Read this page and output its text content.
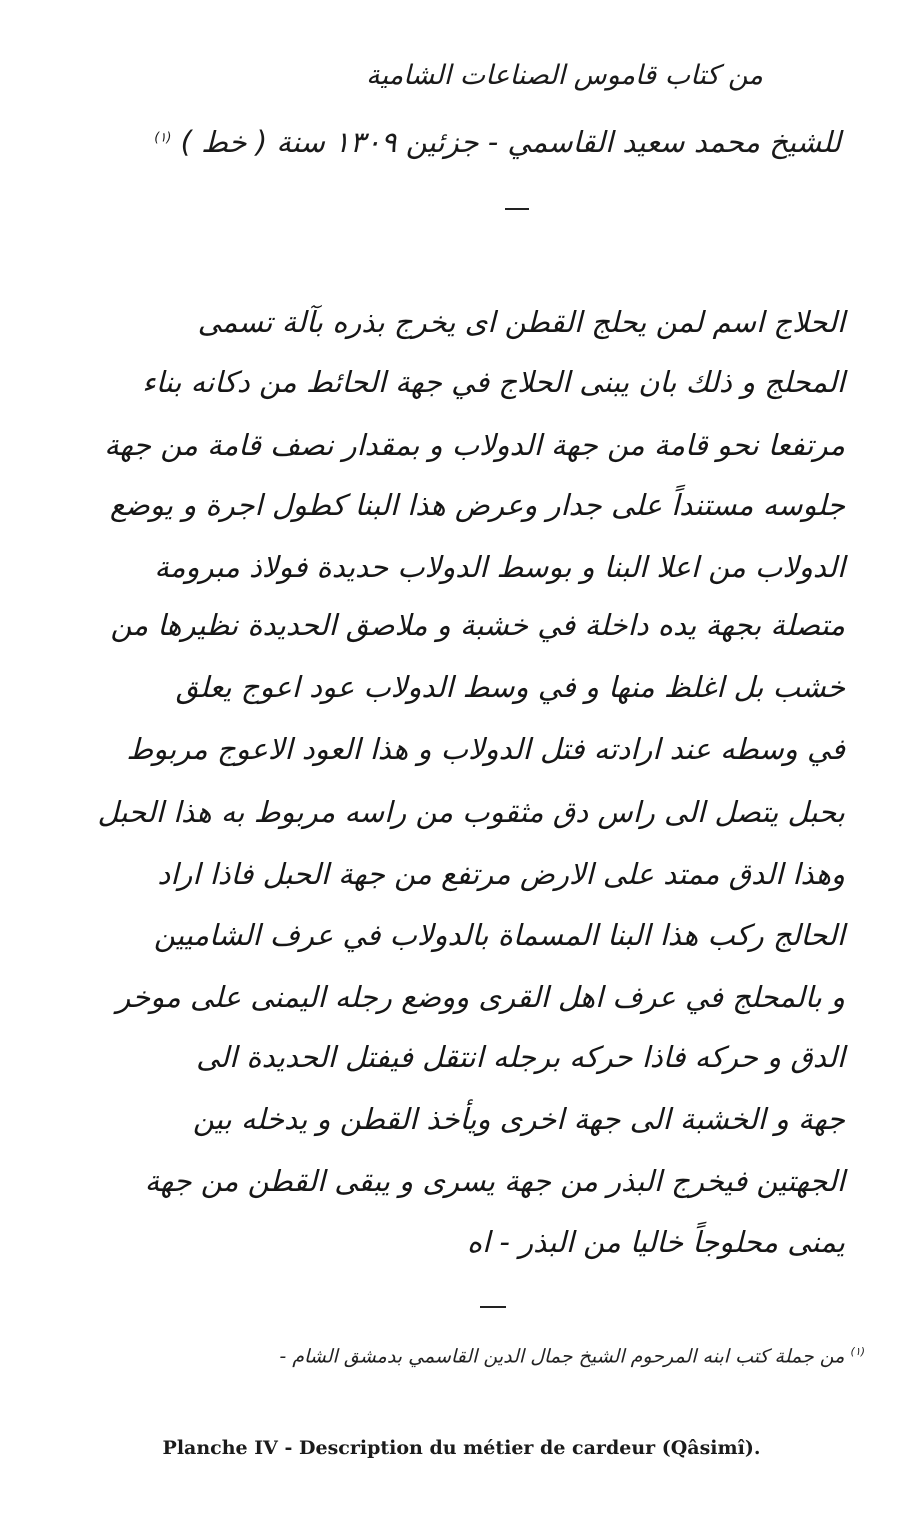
من كتاب قاموس الصناعات الشامية
للشيخ محمد سعيد القاسمي - جزئين ١٣٠٩ سنة ( خط ) $^{(١)}$
الحلاج اسم لمن يحلج القطن اى يخرج بذره بآلة تسمى
المحلج و ذلك بان يبنى الحلاج في جهة الحائط من دكانه بناء
مرتفعا نحو قامة من جهة الدولاب و بمقدار نصف قامة من جهة
جلوسه مستنداً على جدار وعرض هذا البنا كطول اجرة و يوضع
الدولاب من اعلا البنا و بوسط الدولاب حديدة فولاذ مبرومة
متصلة بجهة يده داخلة في خشبة و ملاصق الحديدة نظيرها من
خشب بل اغلظ منها و في وسط الدولاب عود اعوج يعلق
في وسطه عند ارادته فتل الدولاب و هذا العود الاعوج مربوط
بحبل يتصل الى راس دق مثقوب من راسه مربوط به هذا الحبل
وهذا الدق ممتد على الارض مرتفع من جهة الحبل فاذا اراد
الحالج ركب هذا البنا المسماة بالدولاب في عرف الشاميين
و بالمحلج في عرف اهل القرى ووضع رجله اليمنى على موخر
الدق و حركه فاذا حركه برجله انتقل فيفتل الحديدة الى
جهة و الخشبة الى جهة اخرى ويأخذ القطن و يدخله بين
الجهتين فيخرج البذر من جهة يسرى و يبقى القطن من جهة
يمنى محلوجاً خاليا من البذر - اه
$^{(١)}$ من جملة كتب ابنه المرحوم الشيخ جمال الدين القاسمي بدمشق الشام -
Planche IV - Description du métier de cardeur (Qâsimî).
